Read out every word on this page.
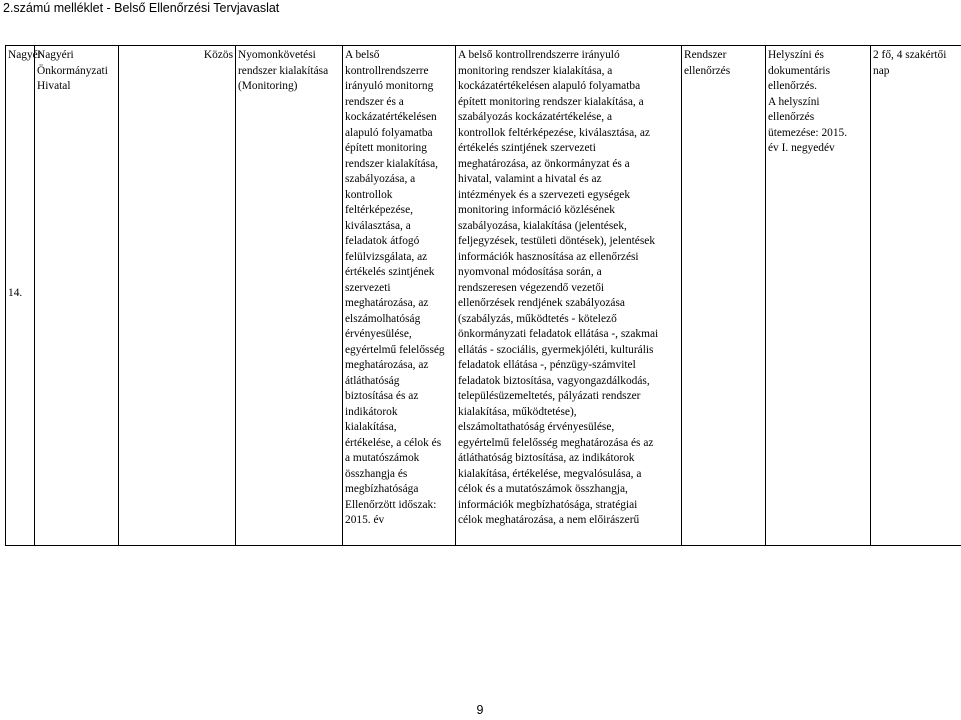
2.számú melléklet - Belső Ellenőrzési Tervjavaslat
Nagyér
14.
Nagyéri
Önkormányzati
Hivatal
Közös

Nyomonkövetési
rendszer kialakítása
(Monitoring)
A belső
kontrollrendszerre
irányuló monitorng
rendszer és a
kockázatértékelésen
alapuló folyamatba
épített monitoring
rendszer kialakítása,
szabályozása, a
kontrollok
feltérképezése,
kiválasztása, a
feladatok átfogó
felülvizsgálata, az
értékelés szintjének
szervezeti
meghatározása, az
elszámolhatóság
érvényesülése,
egyértelmű felelősség
meghatározása, az
átláthatóság
biztosítása és az
indikátorok
kialakítása,
értékelése, a célok és
a mutatószámok
összhangja és
megbízhatósága
Ellenőrzött időszak:
2015. év
A belső kontrollrendszerre irányuló
monitoring rendszer kialakítása, a
kockázatértékelésen alapuló folyamatba
épített monitoring rendszer kialakítása, a
szabályozás kockázatértékelése, a
kontrollok feltérképezése, kiválasztása, az
értékelés szintjének szervezeti
meghatározása, az önkormányzat és a
hivatal, valamint a hivatal és az
intézmények és a szervezeti egységek
monitoring információ közlésének
szabályozása, kialakítása (jelentések,
feljegyzések, testületi döntések), jelentések
információk hasznosítása az ellenőrzési
nyomvonal módosítása során, a
rendszeresen végezendő vezetői
ellenőrzések rendjének szabályozása
(szabályzás, működtetés - kötelező
önkormányzati feladatok ellátása -, szakmai
ellátás - szociális, gyermekjóléti, kulturális
feladatok ellátása -, pénzügy-számvitel
feladatok biztosítása, vagyongazdálkodás,
településüzemeltetés, pályázati rendszer
kialakítása, működtetése),
elszámoltathatóság érvényesülése,
egyértelmű felelősség meghatározása és az
átláthatóság biztosítása, az indikátorok
kialakítása, értékelése, megvalósulása, a
célok és a mutatószámok összhangja,
információk megbízhatósága, stratégiai
célok meghatározása, a nem előirászerű
Rendszer
ellenőrzés
Helyszíni és
dokumentáris
ellenőrzés.
A helyszíni
ellenőrzés
ütemezése: 2015.
év I. negyedév
2 fő, 4 szakértői
nap
9
